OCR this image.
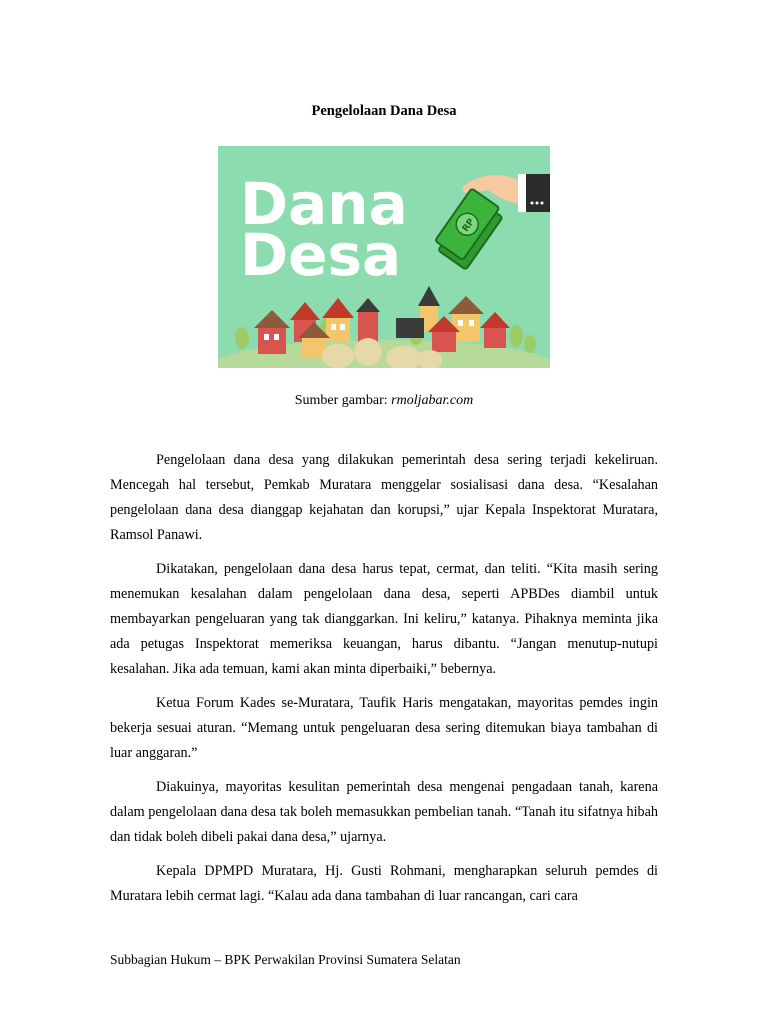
Pengelolaan Dana Desa
Dana
Desa	RP
Sumber gambar: rmoljabar.com

Pengelolaan dana desa yang dilakukan pemerintah desa sering terjadi kekeliruan. Mencegah hal tersebut, Pemkab Muratara menggelar sosialisasi dana desa. “Kesalahan pengelolaan dana desa dianggap kejahatan dan korupsi,” ujar Kepala Inspektorat Muratara, Ramsol Panawi.

Dikatakan, pengelolaan dana desa harus tepat, cermat, dan teliti. “Kita masih sering menemukan kesalahan dalam pengelolaan dana desa, seperti APBDes diambil untuk membayarkan pengeluaran yang tak dianggarkan. Ini keliru,” katanya. Pihaknya meminta jika ada petugas Inspektorat memeriksa keuangan, harus dibantu. “Jangan menutup-nutupi kesalahan. Jika ada temuan, kami akan minta diperbaiki,” bebernya.

Ketua Forum Kades se-Muratara, Taufik Haris mengatakan, mayoritas pemdes ingin bekerja sesuai aturan. “Memang untuk pengeluaran desa sering ditemukan biaya tambahan di luar anggaran.”

Diakuinya, mayoritas kesulitan pemerintah desa mengenai pengadaan tanah, karena dalam pengelolaan dana desa tak boleh memasukkan pembelian tanah. “Tanah itu sifatnya hibah dan tidak boleh dibeli pakai dana desa,” ujarnya.

Kepala DPMPD Muratara, Hj. Gusti Rohmani, mengharapkan seluruh pemdes di Muratara lebih cermat lagi. “Kalau ada dana tambahan di luar rancangan, cari cara

Subbagian Hukum – BPK Perwakilan Provinsi Sumatera Selatan
